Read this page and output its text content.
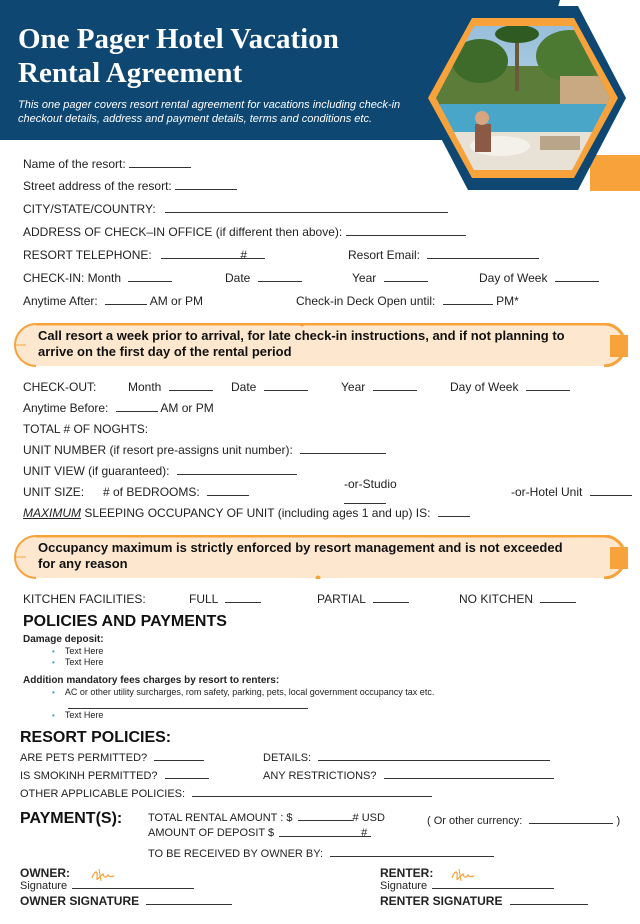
One Pager Hotel Vacation Rental Agreement
This one pager covers resort rental agreement for vacations including check-in checkout details, address and payment details, terms and conditions etc.
Name of the resort:
Street address of the resort:
CITY/STATE/COUNTRY:
ADDRESS OF CHECK–IN OFFICE (if different then above):
RESORT TELEPHONE:	#	Resort Email:
CHECK-IN: Month	Date	Year	Day of Week
Anytime After:	AM or PM	Check-in Deck Open until:	PM*
Call resort a week prior to arrival, for late check-in instructions, and if not planning to arrive on the first day of the rental period
CHECK-OUT:	Month	Date	Year	Day of Week
Anytime Before:	AM or PM
TOTAL # OF NOGHTS:
UNIT NUMBER (if resort pre-assigns unit number):
UNIT VIEW (if guaranteed):
UNIT SIZE: # of BEDROOMS:
-or-Studio
-or-Hotel Unit
MAXIMUM SLEEPING OCCUPANCY OF UNIT (including ages 1 and up) IS:
Occupancy maximum is strictly enforced by resort management and is not exceeded for any reason
KITCHEN FACILITIES:	FULL	PARTIAL	NO KITCHEN
POLICIES AND PAYMENTS
Damage deposit:
• Text Here
• Text Here
Addition mandatory fees charges by resort to renters:
• AC or other utility surcharges, rom safety, parking, pets, local government occupancy tax etc.
• Text Here
RESORT POLICIES:
ARE PETS PERMITTED?	DETAILS:
IS SMOKINH PERMITTED?	ANY RESTRICTIONS?
OTHER APPLICABLE POLICIES:
PAYMENT(S): TOTAL RENTAL AMOUNT : $	# USD	( Or other currency:	)
AMOUNT OF DEPOSIT $	#
TO BE RECEIVED BY OWNER BY:
OWNER:
Signature
OWNER SIGNATURE
RENTER:
Signature
RENTER SIGNATURE
